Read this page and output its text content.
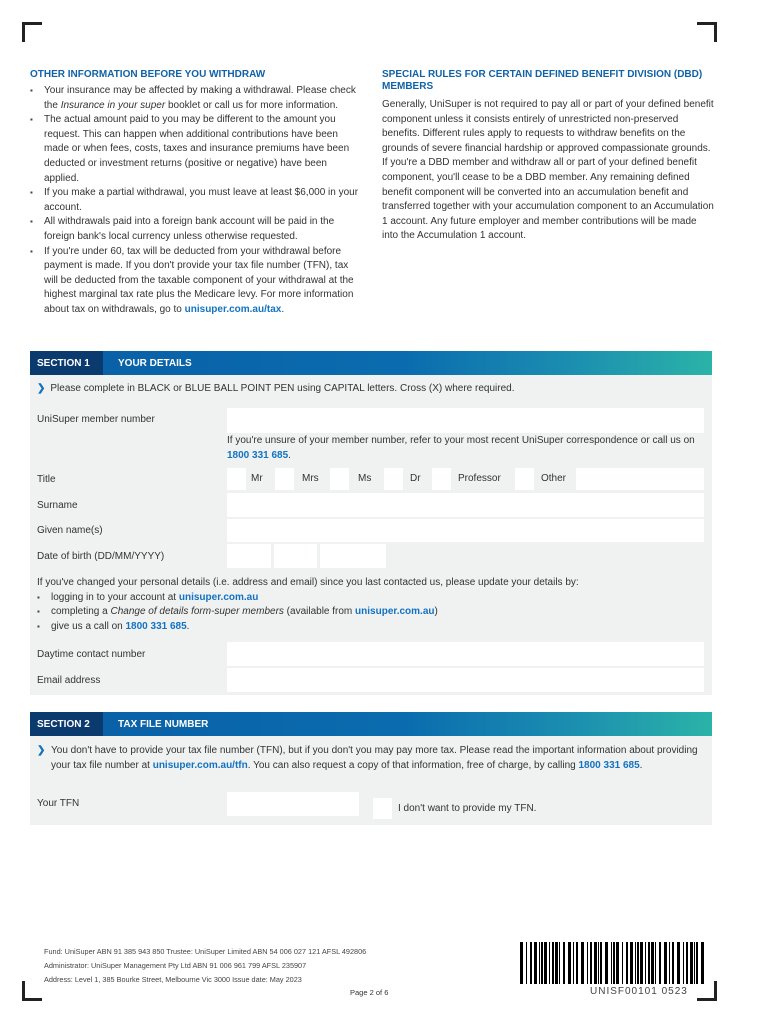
OTHER INFORMATION BEFORE YOU WITHDRAW
▪ Your insurance may be affected by making a withdrawal. Please check the Insurance in your super booklet or call us for more information.
▪ The actual amount paid to you may be different to the amount you request. This can happen when additional contributions have been made or when fees, costs, taxes and insurance premiums have been deducted or investment returns (positive or negative) have been applied.
▪ If you make a partial withdrawal, you must leave at least $6,000 in your account.
▪ All withdrawals paid into a foreign bank account will be paid in the foreign bank's local currency unless otherwise requested.
▪ If you're under 60, tax will be deducted from your withdrawal before payment is made. If you don't provide your tax file number (TFN), tax will be deducted from the taxable component of your withdrawal at the highest marginal tax rate plus the Medicare levy. For more information about tax on withdrawals, go to unisuper.com.au/tax.
SPECIAL RULES FOR CERTAIN DEFINED BENEFIT DIVISION (DBD) MEMBERS

Generally, UniSuper is not required to pay all or part of your defined benefit component unless it consists entirely of unrestricted non-preserved benefits. Different rules apply to requests to withdraw benefits on the grounds of severe financial hardship or approved compassionate grounds. If you're a DBD member and withdraw all or part of your defined benefit component, you'll cease to be a DBD member. Any remaining defined benefit component will be converted into an accumulation benefit and transferred together with your accumulation component to an Accumulation 1 account. Any future employer and member contributions will be made into the Accumulation 1 account.

SECTION 1	YOUR DETAILS
❯ Please complete in BLACK or BLUE BALL POINT PEN using CAPITAL letters. Cross (X) where required.
UniSuper member number
If you're unsure of your member number, refer to your most recent UniSuper correspondence or call us on 1800 331 685.
Title	Mr	Mrs	Ms	Dr	Professor	Other
Surname
Given name(s)
Date of birth (DD/MM/YYYY)
If you've changed your personal details (i.e. address and email) since you last contacted us, please update your details by:
▪ logging in to your account at unisuper.com.au
▪ completing a Change of details form-super members (available from unisuper.com.au)
▪ give us a call on 1800 331 685.
Daytime contact number
Email address
SECTION 2	TAX FILE NUMBER
❯ You don't have to provide your tax file number (TFN), but if you don't you may pay more tax. Please read the important information about providing your tax file number at unisuper.com.au/tfn. You can also request a copy of that information, free of charge, by calling 1800 331 685.
Your TFN	I don't want to provide my TFN.
Fund: UniSuper ABN 91 385 943 850 Trustee: UniSuper Limited ABN 54 006 027 121 AFSL 492806
Administrator: UniSuper Management Pty Ltd ABN 91 006 961 799 AFSL 235907
Address: Level 1, 385 Bourke Street, Melbourne Vic 3000 Issue date: May 2023
Page 2 of 6	UNISF00101 0523
